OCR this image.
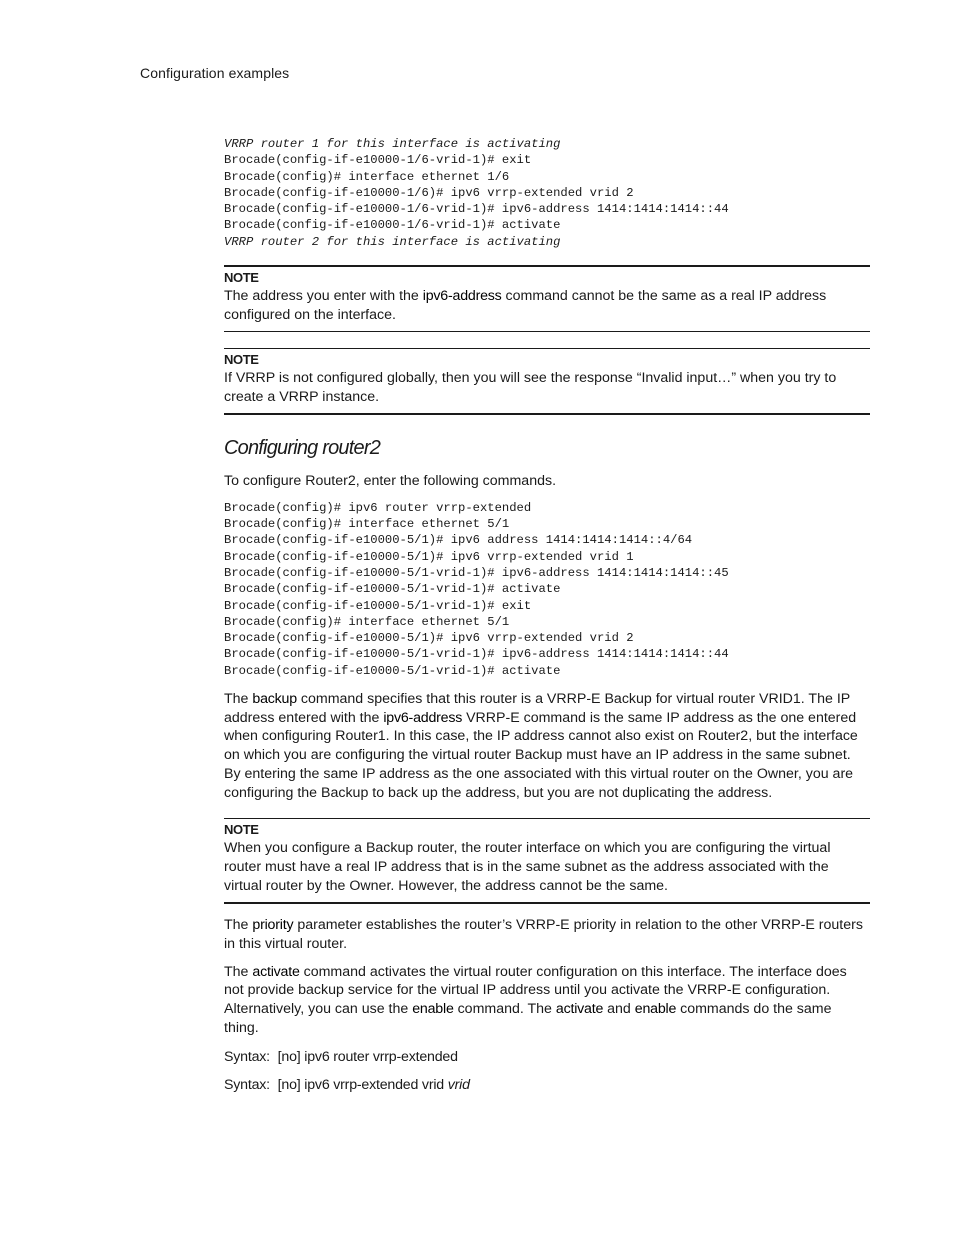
Configuration examples
VRRP router 1 for this interface is activating
Brocade(config-if-e10000-1/6-vrid-1)# exit
Brocade(config)# interface ethernet 1/6
Brocade(config-if-e10000-1/6)# ipv6 vrrp-extended vrid 2
Brocade(config-if-e10000-1/6-vrid-1)# ipv6-address 1414:1414:1414::44
Brocade(config-if-e10000-1/6-vrid-1)# activate
VRRP router 2 for this interface is activating
NOTE
The address you enter with the ipv6-address command cannot be the same as a real IP address configured on the interface.
NOTE
If VRRP is not configured globally, then you will see the response “Invalid input…” when you try to create a VRRP instance.
Configuring router2

To configure Router2, enter the following commands.

Brocade(config)# ipv6 router vrrp-extended
Brocade(config)# interface ethernet 5/1
Brocade(config-if-e10000-5/1)# ipv6 address 1414:1414:1414::4/64
Brocade(config-if-e10000-5/1)# ipv6 vrrp-extended vrid 1
Brocade(config-if-e10000-5/1-vrid-1)# ipv6-address 1414:1414:1414::45
Brocade(config-if-e10000-5/1-vrid-1)# activate
Brocade(config-if-e10000-5/1-vrid-1)# exit
Brocade(config)# interface ethernet 5/1
Brocade(config-if-e10000-5/1)# ipv6 vrrp-extended vrid 2
Brocade(config-if-e10000-5/1-vrid-1)# ipv6-address 1414:1414:1414::44
Brocade(config-if-e10000-5/1-vrid-1)# activate

The backup command specifies that this router is a VRRP-E Backup for virtual router VRID1. The IP address entered with the ipv6-address VRRP-E command is the same IP address as the one entered when configuring Router1. In this case, the IP address cannot also exist on Router2, but the interface on which you are configuring the virtual router Backup must have an IP address in the same subnet. By entering the same IP address as the one associated with this virtual router on the Owner, you are configuring the Backup to back up the address, but you are not duplicating the address.

NOTE
When you configure a Backup router, the router interface on which you are configuring the virtual router must have a real IP address that is in the same subnet as the address associated with the virtual router by the Owner. However, the address cannot be the same.

The priority parameter establishes the router’s VRRP-E priority in relation to the other VRRP-E routers in this virtual router.

The activate command activates the virtual router configuration on this interface. The interface does not provide backup service for the virtual IP address until you activate the VRRP-E configuration. Alternatively, you can use the enable command. The activate and enable commands do the same thing.

Syntax: [no] ipv6 router vrrp-extended

Syntax: [no] ipv6 vrrp-extended vrid vrid
